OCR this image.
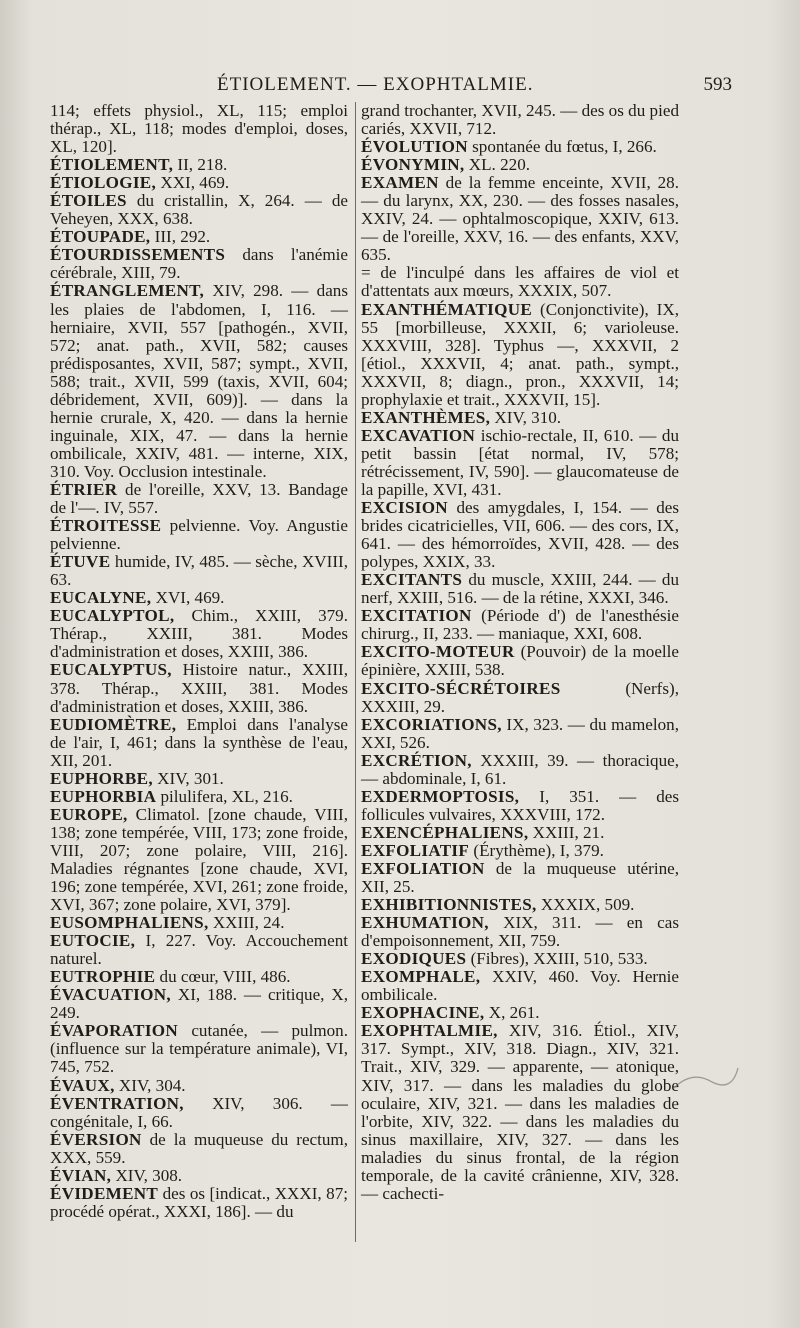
ÉTIOLEMENT. — EXOPHTALMIE.	593

114; effets physiol., XL, 115; emploi thérap., XL, 118; modes d'emploi, doses, XL, 120].

ÉTIOLEMENT, II, 218.

ÉTIOLOGIE, XXI, 469.

ÉTOILES du cristallin, X, 264. — de Veheyen, XXX, 638.

ÉTOUPADE, III, 292.

ÉTOURDISSEMENTS dans l'anémie cérébrale, XIII, 79.

ÉTRANGLEMENT, XIV, 298. — dans les plaies de l'abdomen, I, 116. — herniaire, XVII, 557 [pathogén., XVII, 572; anat. path., XVII, 582; causes prédisposantes, XVII, 587; sympt., XVII, 588; trait., XVII, 599 (taxis, XVII, 604; débridement, XVII, 609)]. — dans la hernie crurale, X, 420. — dans la hernie inguinale, XIX, 47. — dans la hernie ombilicale, XXIV, 481. — interne, XIX, 310. Voy. Occlusion intestinale.

ÉTRIER de l'oreille, XXV, 13. Bandage de l'—. IV, 557.

ÉTROITESSE pelvienne. Voy. Angustie pelvienne.

ÉTUVE humide, IV, 485. — sèche, XVIII, 63.

EUCALYNE, XVI, 469.

EUCALYPTOL, Chim., XXIII, 379. Thérap., XXIII, 381. Modes d'administration et doses, XXIII, 386.

EUCALYPTUS, Histoire natur., XXIII, 378. Thérap., XXIII, 381. Modes d'administration et doses, XXIII, 386.

EUDIOMÈTRE, Emploi dans l'analyse de l'air, I, 461; dans la synthèse de l'eau, XII, 201.

EUPHORBE, XIV, 301.

EUPHORBIA pilulifera, XL, 216.

EUROPE, Climatol. [zone chaude, VIII, 138; zone tempérée, VIII, 173; zone froide, VIII, 207; zone polaire, VIII, 216]. Maladies régnantes [zone chaude, XVI, 196; zone tempérée, XVI, 261; zone froide, XVI, 367; zone polaire, XVI, 379].

EUSOMPHALIENS, XXIII, 24.

EUTOCIE, I, 227. Voy. Accouchement naturel.

EUTROPHIE du cœur, VIII, 486.

ÉVACUATION, XI, 188. — critique, X, 249.

ÉVAPORATION cutanée, — pulmon. (influence sur la température animale), VI, 745, 752.

ÉVAUX, XIV, 304.

ÉVENTRATION, XIV, 306. — congénitale, I, 66.

ÉVERSION de la muqueuse du rectum, XXX, 559.

ÉVIAN, XIV, 308.

ÉVIDEMENT des os [indicat., XXXI, 87; procédé opérat., XXXI, 186]. — du

grand trochanter, XVII, 245. — des os du pied cariés, XXVII, 712.

ÉVOLUTION spontanée du fœtus, I, 266.

ÉVONYMIN, XL. 220.

EXAMEN de la femme enceinte, XVII, 28. — du larynx, XX, 230. — des fosses nasales, XXIV, 24. — ophtalmoscopique, XXIV, 613. — de l'oreille, XXV, 16. — des enfants, XXV, 635.

= de l'inculpé dans les affaires de viol et d'attentats aux mœurs, XXXIX, 507.

EXANTHÉMATIQUE (Conjonctivite), IX, 55 [morbilleuse, XXXII, 6; varioleuse. XXXVIII, 328]. Typhus —, XXXVII, 2 [étiol., XXXVII, 4; anat. path., sympt., XXXVII, 8; diagn., pron., XXXVII, 14; prophylaxie et trait., XXXVII, 15].

EXANTHÈMES, XIV, 310.

EXCAVATION ischio-rectale, II, 610. — du petit bassin [état normal, IV, 578; rétrécissement, IV, 590]. — glaucomateuse de la papille, XVI, 431.

EXCISION des amygdales, I, 154. — des brides cicatricielles, VII, 606. — des cors, IX, 641. — des hémorroïdes, XVII, 428. — des polypes, XXIX, 33.

EXCITANTS du muscle, XXIII, 244. — du nerf, XXIII, 516. — de la rétine, XXXI, 346.

EXCITATION (Période d') de l'anesthésie chirurg., II, 233. — maniaque, XXI, 608.

EXCITO-MOTEUR (Pouvoir) de la moelle épinière, XXIII, 538.

EXCITO-SÉCRÉTOIRES (Nerfs), XXXIII, 29.

EXCORIATIONS, IX, 323. — du mamelon, XXI, 526.

EXCRÉTION, XXXIII, 39. — thoracique, — abdominale, I, 61.

EXDERMOPTOSIS, I, 351. — des follicules vulvaires, XXXVIII, 172.

EXENCÉPHALIENS, XXIII, 21.

EXFOLIATIF (Érythème), I, 379.

EXFOLIATION de la muqueuse utérine, XII, 25.

EXHIBITIONNISTES, XXXIX, 509.

EXHUMATION, XIX, 311. — en cas d'empoisonnement, XII, 759.

EXODIQUES (Fibres), XXIII, 510, 533.

EXOMPHALE, XXIV, 460. Voy. Hernie ombilicale.

EXOPHACINE, X, 261.

EXOPHTALMIE, XIV, 316. Étiol., XIV, 317. Sympt., XIV, 318. Diagn., XIV, 321. Trait., XIV, 329. — apparente, — atonique, XIV, 317. — dans les maladies du globe oculaire, XIV, 321. — dans les maladies de l'orbite, XIV, 322. — dans les maladies du sinus maxillaire, XIV, 327. — dans les maladies du sinus frontal, de la région temporale, de la cavité crânienne, XIV, 328. — cachecti-
